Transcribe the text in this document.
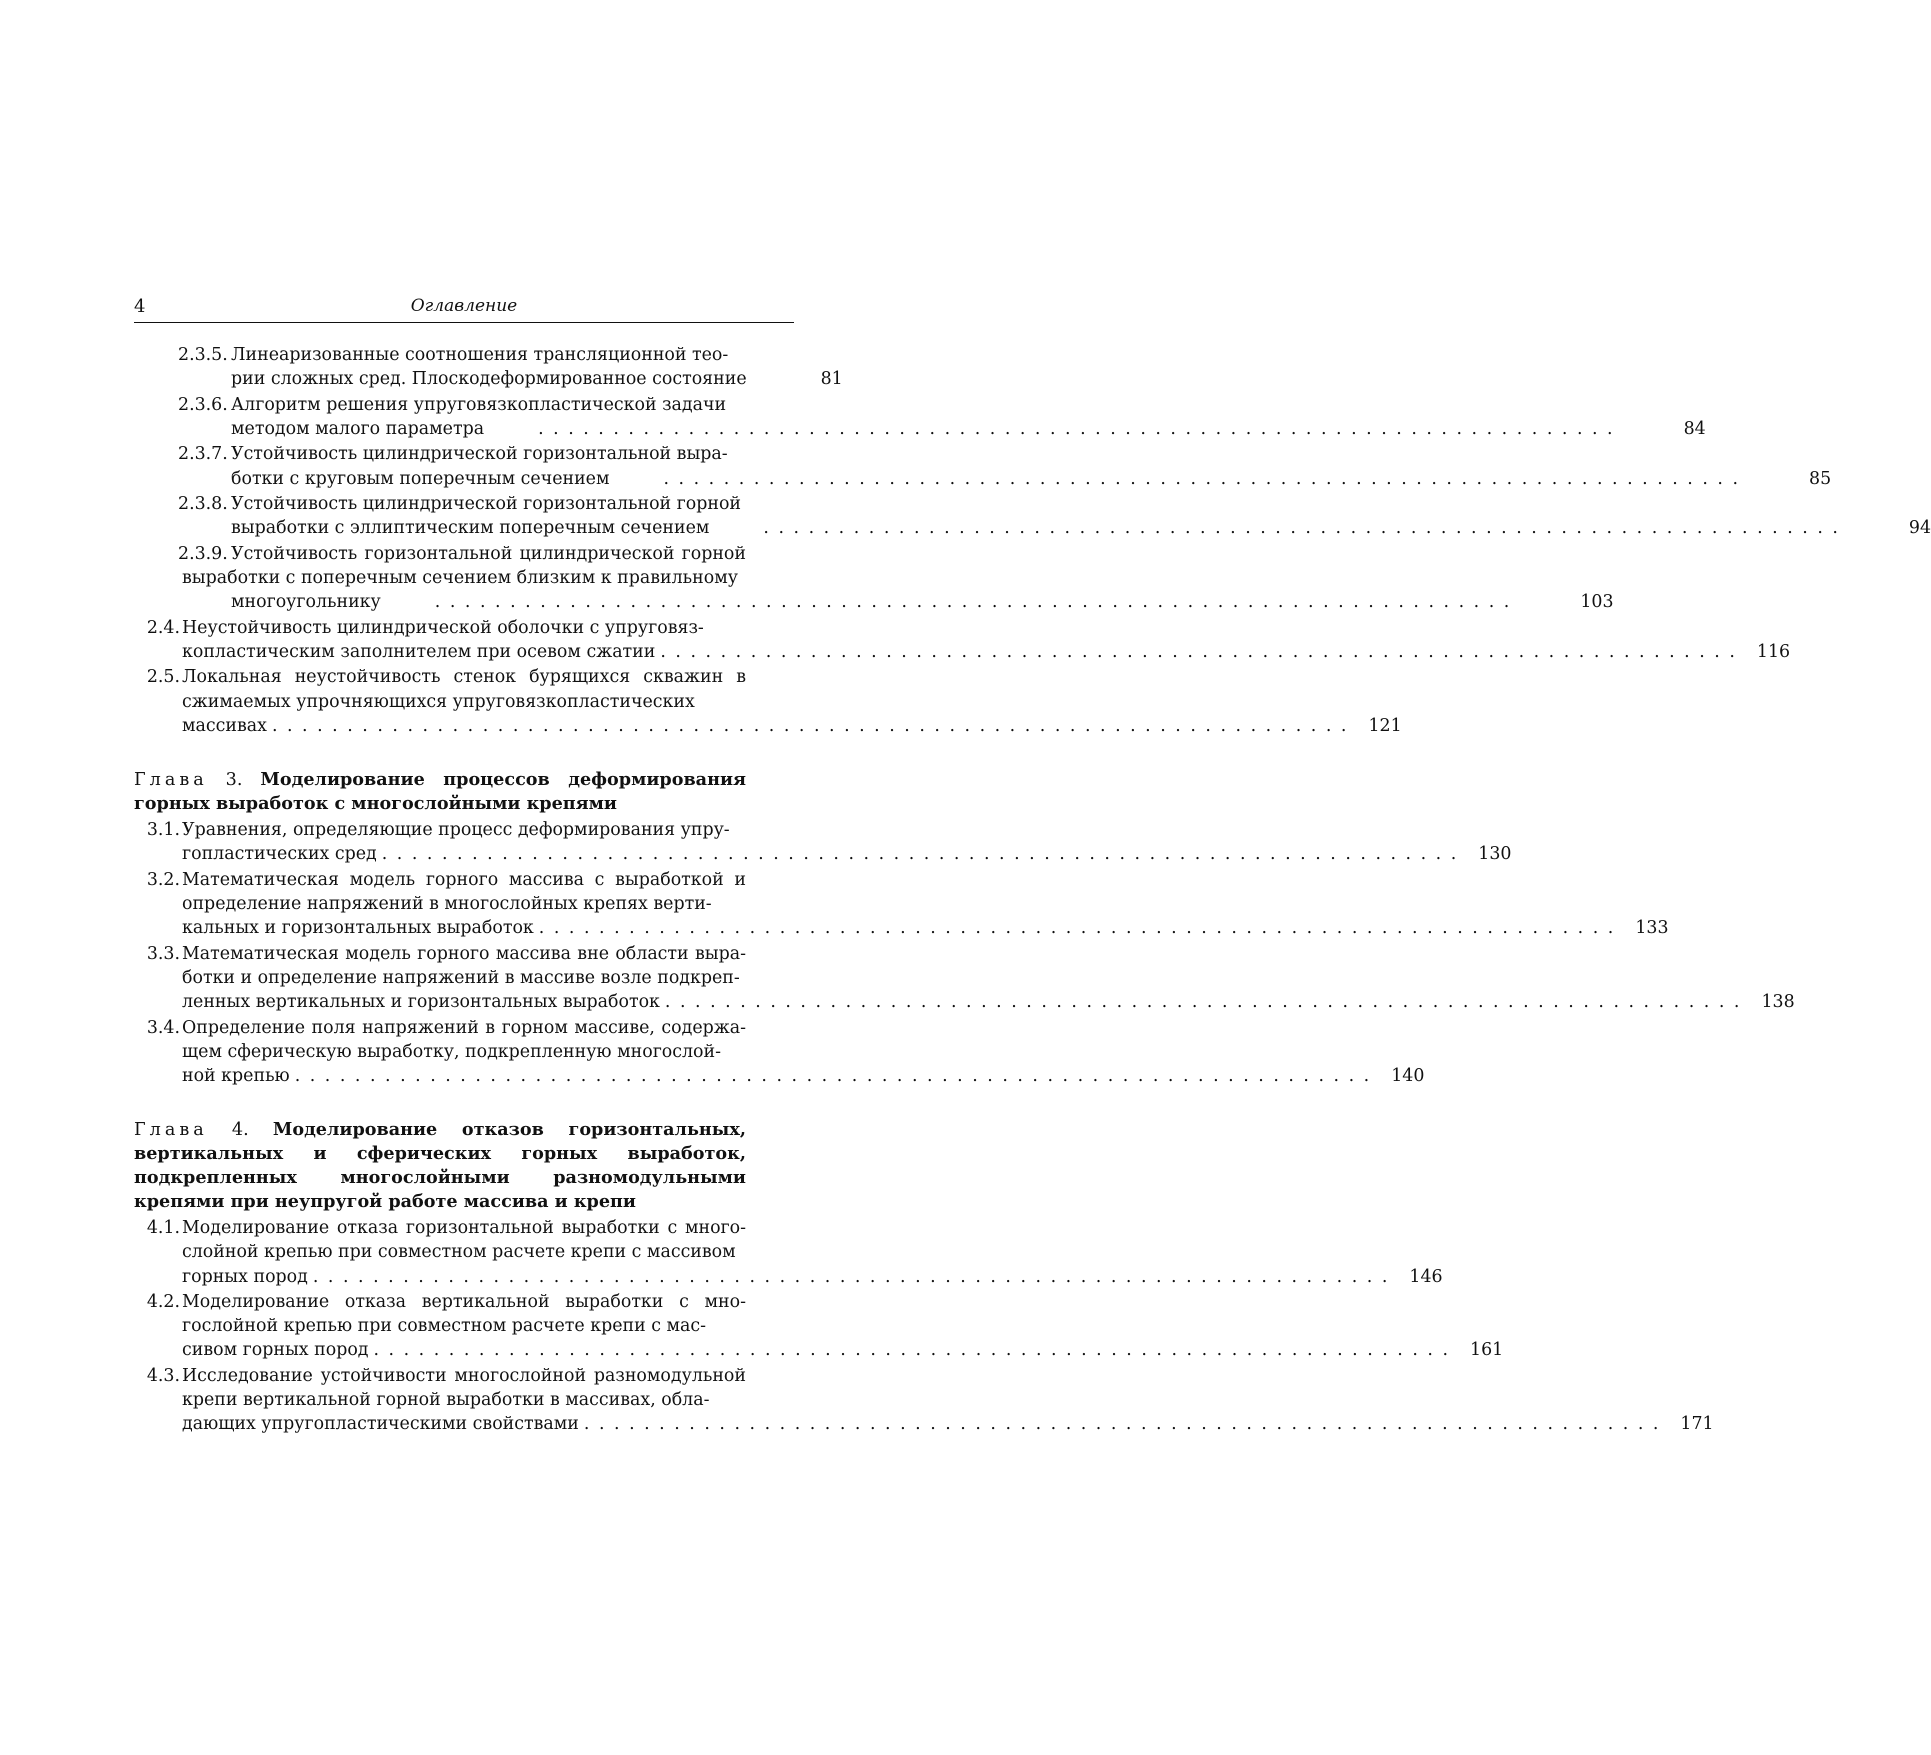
4	Оглавление
2.3.5. Линеаризованные соотношения трансляционной тео-
рии сложных сред. Плоскодеформированное состояние	81
2.3.6. Алгоритм решения упруговязкопластической задачи
методом малого параметра	. . . . . . . . . . . . . . . . . . . . . . . . . . . . . . . . . . . . . . . . . . . . . . . . . . . . . . . . . . . . . . . . . . . . . . . .	84
2.3.7. Устойчивость цилиндрической горизонтальной выра-
ботки с круговым поперечным сечением	. . . . . . . . . . . . . . . . . . . . . . . . . . . . . . . . . . . . . . . . . . . . . . . . . . . . . . . . . . . . . . . . . . . . . . . .	85
2.3.8. Устойчивость цилиндрической горизонтальной горной
выработки с эллиптическим поперечным сечением	. . . . . . . . . . . . . . . . . . . . . . . . . . . . . . . . . . . . . . . . . . . . . . . . . . . . . . . . . . . . . . . . . . . . . . . .	94
2.3.9. Устойчивость горизонтальной цилиндрической горной выработки с поперечным сечением близким к правильному
многоугольнику	. . . . . . . . . . . . . . . . . . . . . . . . . . . . . . . . . . . . . . . . . . . . . . . . . . . . . . . . . . . . . . . . . . . . . . . .	103
2.4. Неустойчивость цилиндрической оболочки с упруговяз-
копластическим заполнителем при осевом сжатии . . . . . . . . . . . . . . . . . . . . . . . . . . . . . . . . . . . . . . . . . . . . . . . . . . . . . . . . . . . . . . . . . . . . . . . .	116
2.5. Локальная неустойчивость стенок бурящихся скважин в сжимаемых упрочняющихся упруговязкопластических
массивах . . . . . . . . . . . . . . . . . . . . . . . . . . . . . . . . . . . . . . . . . . . . . . . . . . . . . . . . . . . . . . . . . . . . . . . .	121
Глава 3. Моделирование процессов деформирования горных выработок с многослойными крепями
3.1. Уравнения, определяющие процесс деформирования упру-
гопластических сред . . . . . . . . . . . . . . . . . . . . . . . . . . . . . . . . . . . . . . . . . . . . . . . . . . . . . . . . . . . . . . . . . . . . . . . .	130
3.2. Математическая модель горного массива с выработкой и определение напряжений в многослойных крепях верти-
кальных и горизонтальных выработок . . . . . . . . . . . . . . . . . . . . . . . . . . . . . . . . . . . . . . . . . . . . . . . . . . . . . . . . . . . . . . . . . . . . . . . .	133
3.3. Математическая модель горного массива вне области выра- ботки и определение напряжений в массиве возле подкреп-
ленных вертикальных и горизонтальных выработок . . . . . . . . . . . . . . . . . . . . . . . . . . . . . . . . . . . . . . . . . . . . . . . . . . . . . . . . . . . . . . . . . . . . . . . .	138
3.4. Определение поля напряжений в горном массиве, содержа- щем сферическую выработку, подкрепленную многослой-
ной крепью . . . . . . . . . . . . . . . . . . . . . . . . . . . . . . . . . . . . . . . . . . . . . . . . . . . . . . . . . . . . . . . . . . . . . . . .	140
Глава 4. Моделирование отказов горизонтальных, вертикальных и сферических горных выработок, подкрепленных многослойными разномодульными крепями при неупругой работе массива и крепи
4.1. Моделирование отказа горизонтальной выработки с много- слойной крепью при совместном расчете крепи с массивом
горных пород . . . . . . . . . . . . . . . . . . . . . . . . . . . . . . . . . . . . . . . . . . . . . . . . . . . . . . . . . . . . . . . . . . . . . . . .	146
4.2. Моделирование отказа вертикальной выработки с мно- гослойной крепью при совместном расчете крепи с мас-
сивом горных пород . . . . . . . . . . . . . . . . . . . . . . . . . . . . . . . . . . . . . . . . . . . . . . . . . . . . . . . . . . . . . . . . . . . . . . . .	161
4.3. Исследование устойчивости многослойной разномодульной крепи вертикальной горной выработки в массивах, обла-
дающих упругопластическими свойствами . . . . . . . . . . . . . . . . . . . . . . . . . . . . . . . . . . . . . . . . . . . . . . . . . . . . . . . . . . . . . . . . . . . . . . . .	171
